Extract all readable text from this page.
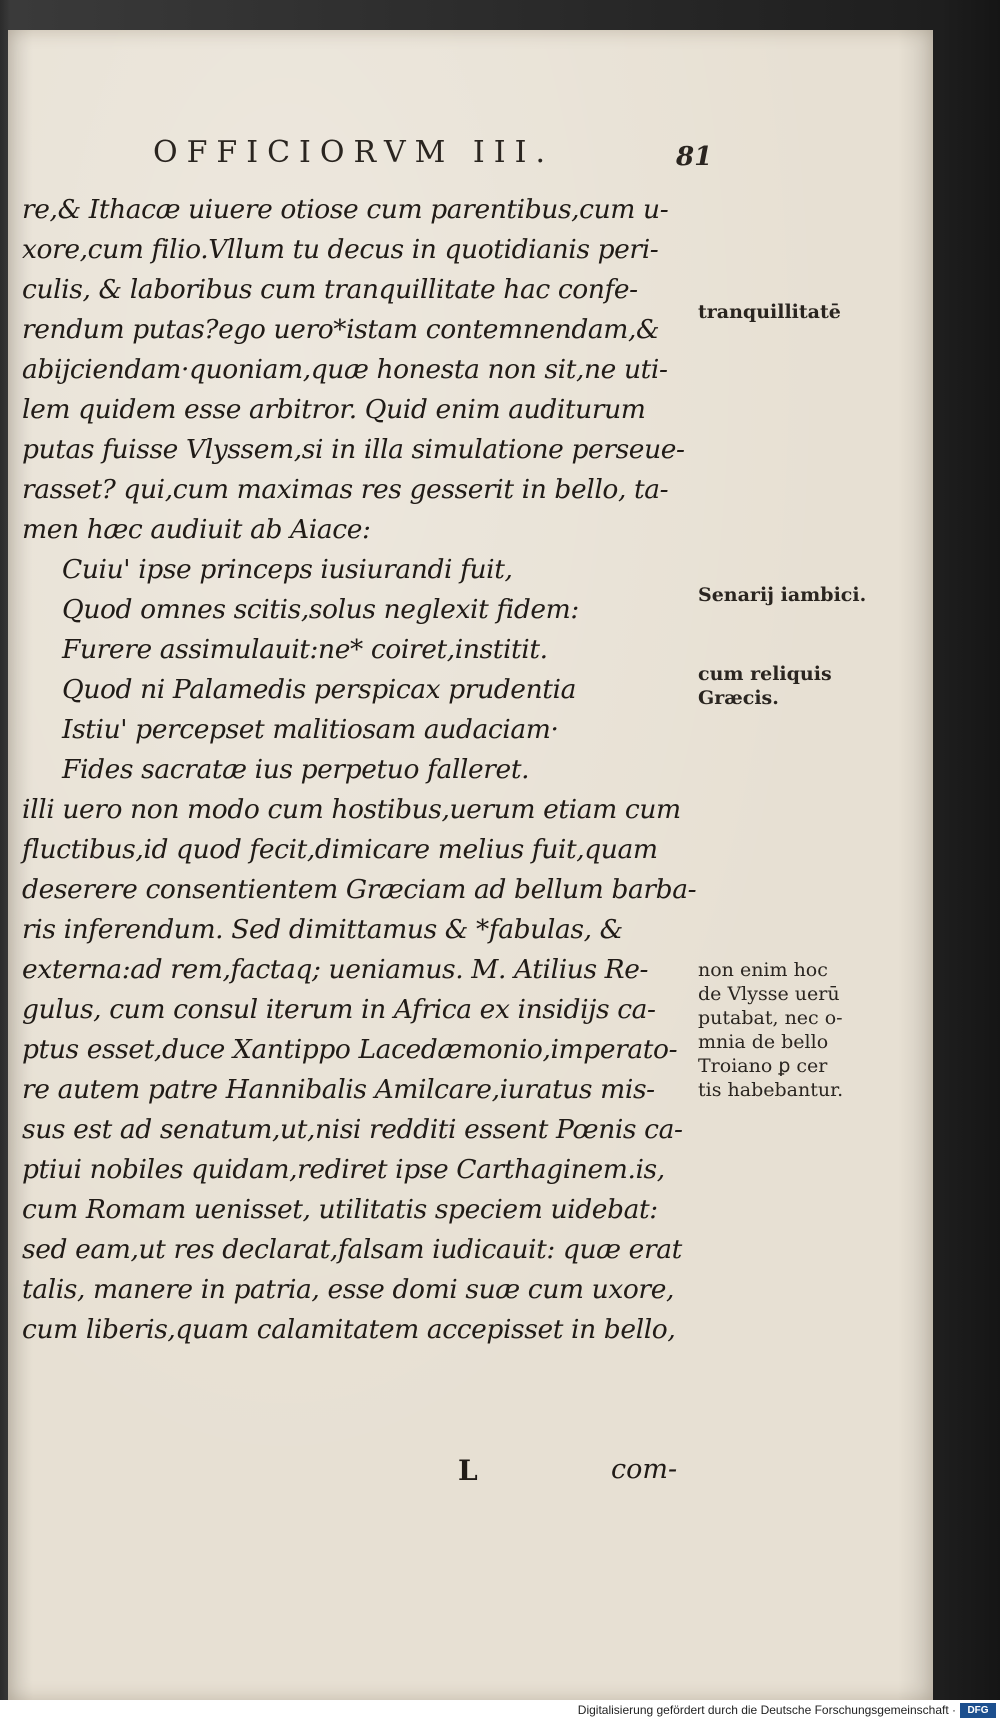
OFFICIORVM III.	81
re,& Ithacæ uiuere otiose cum parentibus,cum u-
xore,cum filio.Vllum tu decus in quotidianis peri-
culis, & laboribus cum tranquillitate hac confe-
rendum putas?ego uero*istam contemnendam,&
abijciendam·quoniam,quæ honesta non sit,ne uti-
lem quidem esse arbitror. Quid enim auditurum
putas fuisse Vlyssem,si in illa simulatione perseue-
rasset? qui,cum maximas res gesserit in bello, ta-
men hæc audiuit ab Aiace:
Cuiu' ipse princeps iusiurandi fuit,
Quod omnes scitis,solus neglexit fidem:
Furere assimulauit:ne* coiret,institit.
Quod ni Palamedis perspicax prudentia
Istiu' percepset malitiosam audaciam·
Fides sacratæ ius perpetuo falleret.
illi uero non modo cum hostibus,uerum etiam cum
fluctibus,id quod fecit,dimicare melius fuit,quam
deserere consentientem Græciam ad bellum barba-
ris inferendum. Sed dimittamus & *fabulas, &
externa:ad rem,factaq; ueniamus. M. Atilius Re-
gulus, cum consul iterum in Africa ex insidijs ca-
ptus esset,duce Xantippo Lacedæmonio,imperato-
re autem patre Hannibalis Amilcare,iuratus mis-
sus est ad senatum,ut,nisi redditi essent Pœnis ca-
ptiui nobiles quidam,rediret ipse Carthaginem.is,
cum Romam uenisset, utilitatis speciem uidebat:
sed eam,ut res declarat,falsam iudicauit: quæ erat
talis, manere in patria, esse domi suæ cum uxore,
cum liberis,quam calamitatem accepisset in bello,
tranquillitatē
Senarij iambici.
cum reliquis
Græcis.
non enim hoc
de Vlysse uerū
putabat, nec o-
mnia de bello
Troiano ꝑ cer
tis habebantur.
L	com-
Digitalisierung gefördert durch die Deutsche Forschungsgemeinschaft ·	DFG
